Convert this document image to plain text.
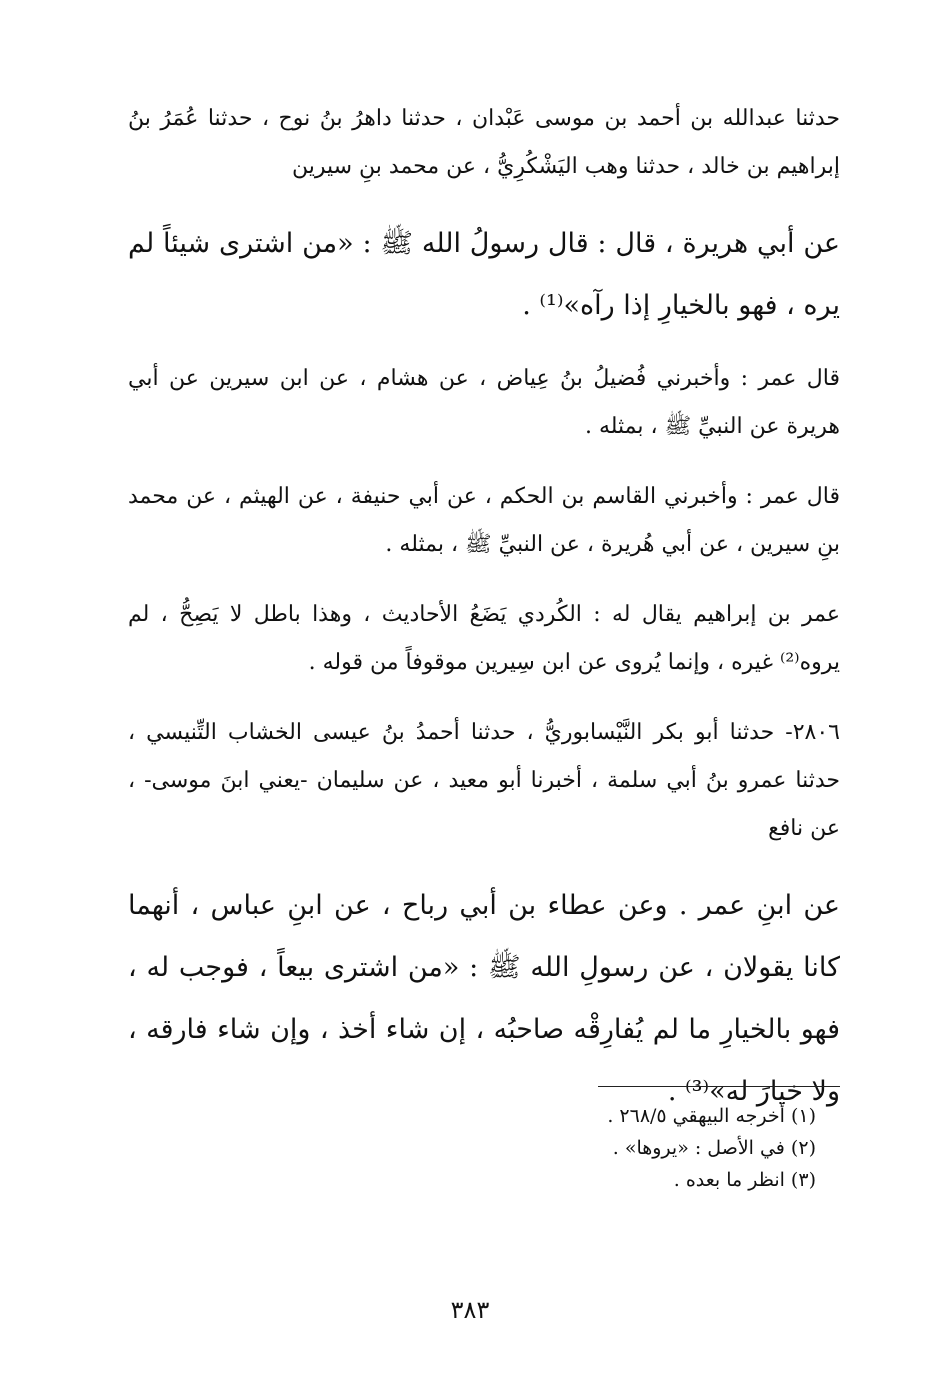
حدثنا عبدالله بن أحمد بن موسى عَبْدان ، حدثنا داهرُ بنُ نوح ، حدثنا عُمَرُ بنُ إبراهيم بن خالد ، حدثنا وهب اليَشْكُرِيُّ ، عن محمد بنِ سيرين

عن أبي هريرة ، قال : قال رسولُ الله ﷺ : «من اشترى شيئاً لم يره ، فهو بالخيارِ إذا رآه»⁽¹⁾ .

قال عمر : وأخبرني فُضيلُ بنُ عِياض ، عن هشام ، عن ابن سيرين عن أبي هريرة عن النبيِّ ﷺ ، بمثله .

قال عمر : وأخبرني القاسم بن الحكم ، عن أبي حنيفة ، عن الهيثم ، عن محمد بنِ سيرين ، عن أبي هُريرة ، عن النبيِّ ﷺ ، بمثله .

عمر بن إبراهيم يقال له : الكُردي يَضَعُ الأحاديث ، وهذا باطل لا يَصِحُّ ، لم يروه⁽²⁾ غيره ، وإنما يُروى عن ابن سِيرين موقوفاً من قوله .

٢٨٠٦- حدثنا أبو بكر النَّيْسابوريُّ ، حدثنا أحمدُ بنُ عيسى الخشاب التِّنيسي ، حدثنا عمرو بنُ أبي سلمة ، أخبرنا أبو معيد ، عن سليمان -يعني ابنَ موسى- ، عن نافع

عن ابنِ عمر . وعن عطاء بن أبي رباح ، عن ابنِ عباس ، أنهما كانا يقولان ، عن رسولِ الله ﷺ : «من اشترى بيعاً ، فوجب له ، فهو بالخيارِ ما لم يُفارِقْه صاحبُه ، إن شاء أخذ ، وإن شاء فارقه ، ولا خيارَ له»⁽³⁾ .

(١) أخرجه البيهقي ٢٦٨/٥ .
(٢) في الأصل : «يروها» .
(٣) انظر ما بعده .
٣٨٣
